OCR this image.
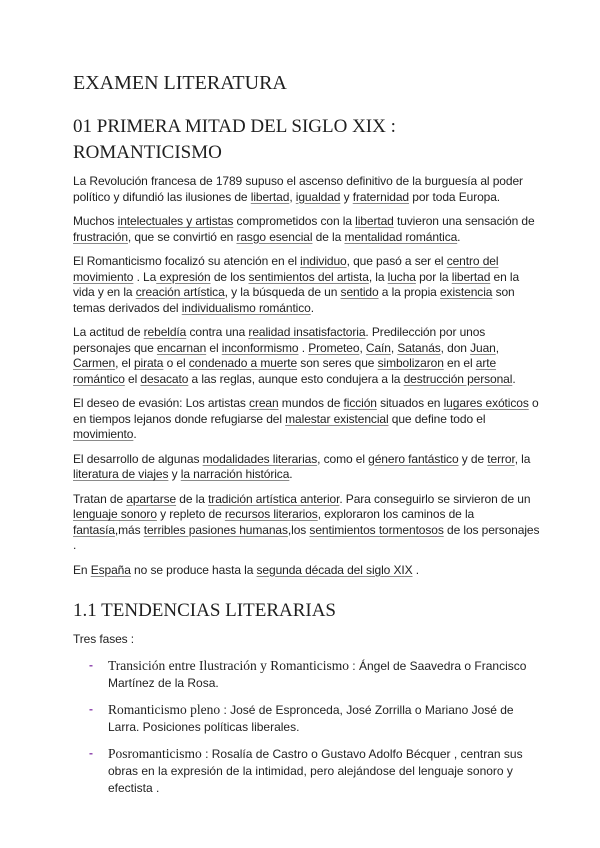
EXAMEN LITERATURA
01 PRIMERA MITAD DEL SIGLO XIX : ROMANTICISMO

La Revolución francesa de 1789 supuso el ascenso definitivo de la burguesía al poder político y difundió las ilusiones de libertad, igualdad y fraternidad por toda Europa.

Muchos intelectuales y artistas comprometidos con la libertad tuvieron una sensación de frustración, que se convirtió en rasgo esencial de la mentalidad romántica.

El Romanticismo focalizó su atención en el individuo, que pasó a ser el centro del movimiento . La expresión de los sentimientos del artista, la lucha por la libertad en la vida y en la creación artística, y la búsqueda de un sentido a la propia existencia son temas derivados del individualismo romántico.

La actitud de rebeldía contra una realidad insatisfactoria. Predilección por unos personajes que encarnan el inconformismo . Prometeo, Caín, Satanás, don Juan, Carmen, el pirata o el condenado a muerte son seres que simbolizaron en el arte romántico el desacato a las reglas, aunque esto condujera a la destrucción personal.

El deseo de evasión: Los artistas crean mundos de ficción situados en lugares exóticos o en tiempos lejanos donde refugiarse del malestar existencial que define todo el movimiento.

El desarrollo de algunas modalidades literarias, como el género fantástico y de terror, la literatura de viajes y la narración histórica.

Tratan de apartarse de la tradición artística anterior. Para conseguirlo se sirvieron de un lenguaje sonoro y repleto de recursos literarios, exploraron los caminos de la fantasía,más terribles pasiones humanas,los sentimientos tormentosos de los personajes .

En España no se produce hasta la segunda década del siglo XIX .

1.1 TENDENCIAS LITERARIAS

Tres fases :

- Transición entre Ilustración y Romanticismo : Ángel de Saavedra o Francisco Martínez de la Rosa.
- Romanticismo pleno : José de Espronceda, José Zorrilla o Mariano José de Larra. Posiciones políticas liberales.
- Posromanticismo : Rosalía de Castro o Gustavo Adolfo Bécquer , centran sus obras en la expresión de la intimidad, pero alejándose del lenguaje sonoro y efectista .
